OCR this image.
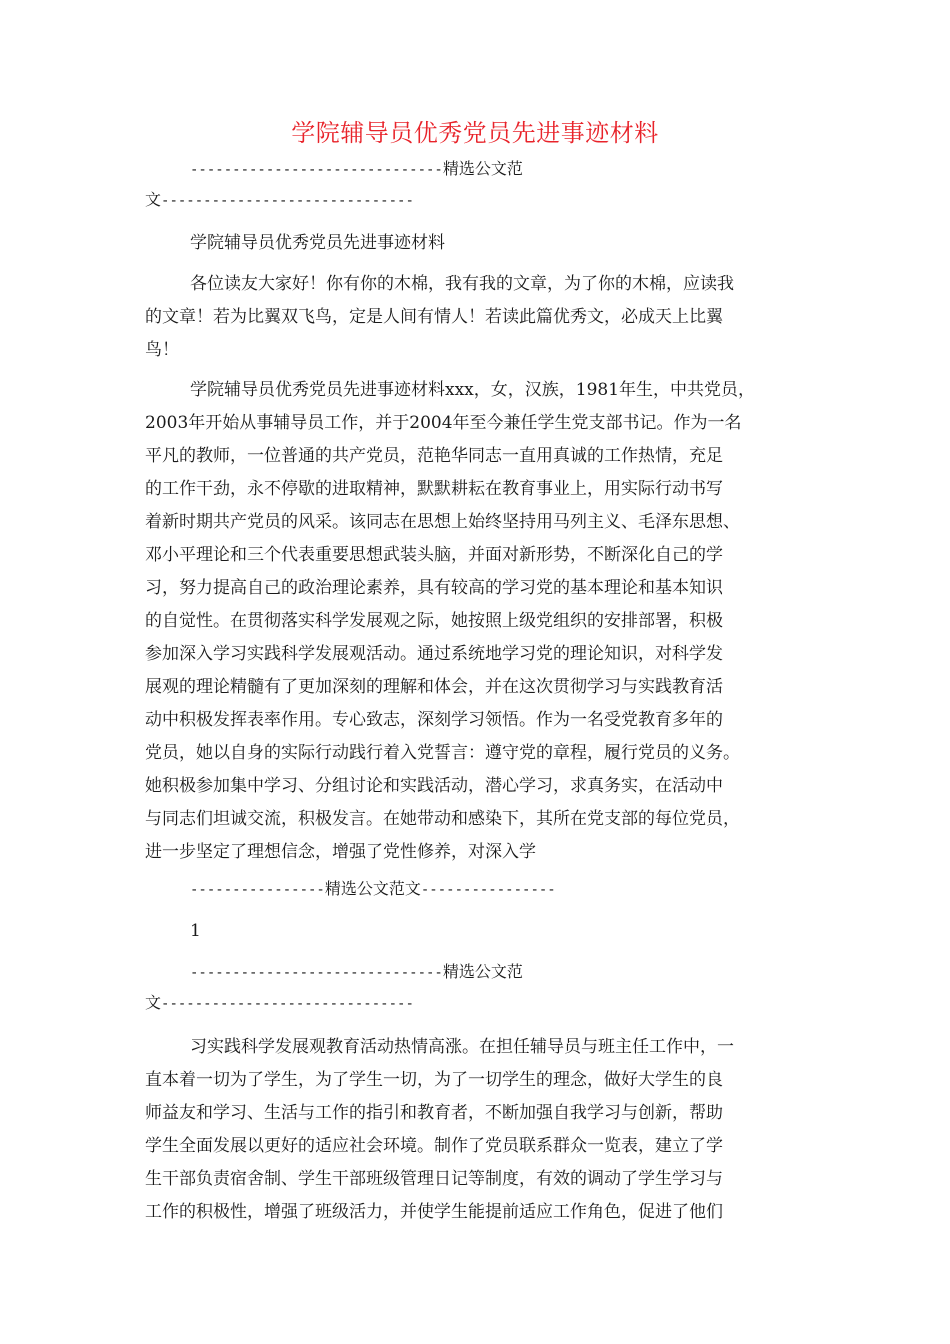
学院辅导员优秀党员先进事迹材料
------------------------------精选公文范
文------------------------------
学院辅导员优秀党员先进事迹材料
各位读友大家好！你有你的木棉，我有我的文章，为了你的木棉，应读我
的文章！若为比翼双飞鸟，定是人间有情人！若读此篇优秀文，必成天上比翼
鸟！
学院辅导员优秀党员先进事迹材料xxx，女，汉族，1981年生，中共党员，
2003年开始从事辅导员工作，并于2004年至今兼任学生党支部书记。作为一名
平凡的教师，一位普通的共产党员，范艳华同志一直用真诚的工作热情，充足
的工作干劲，永不停歇的进取精神，默默耕耘在教育事业上，用实际行动书写
着新时期共产党员的风采。该同志在思想上始终坚持用马列主义、毛泽东思想、
邓小平理论和三个代表重要思想武装头脑，并面对新形势，不断深化自己的学
习，努力提高自己的政治理论素养，具有较高的学习党的基本理论和基本知识
的自觉性。在贯彻落实科学发展观之际，她按照上级党组织的安排部署，积极
参加深入学习实践科学发展观活动。通过系统地学习党的理论知识，对科学发
展观的理论精髓有了更加深刻的理解和体会，并在这次贯彻学习与实践教育活
动中积极发挥表率作用。专心致志，深刻学习领悟。作为一名受党教育多年的
党员，她以自身的实际行动践行着入党誓言：遵守党的章程，履行党员的义务。
她积极参加集中学习、分组讨论和实践活动，潜心学习，求真务实，在活动中
与同志们坦诚交流，积极发言。在她带动和感染下，其所在党支部的每位党员，
进一步坚定了理想信念，增强了党性修养，对深入学
----------------精选公文范文----------------
1
------------------------------精选公文范
文------------------------------
习实践科学发展观教育活动热情高涨。在担任辅导员与班主任工作中，一
直本着一切为了学生，为了学生一切，为了一切学生的理念，做好大学生的良
师益友和学习、生活与工作的指引和教育者，不断加强自我学习与创新，帮助
学生全面发展以更好的适应社会环境。制作了党员联系群众一览表，建立了学
生干部负责宿舍制、学生干部班级管理日记等制度，有效的调动了学生学习与
工作的积极性，增强了班级活力，并使学生能提前适应工作角色，促进了他们
